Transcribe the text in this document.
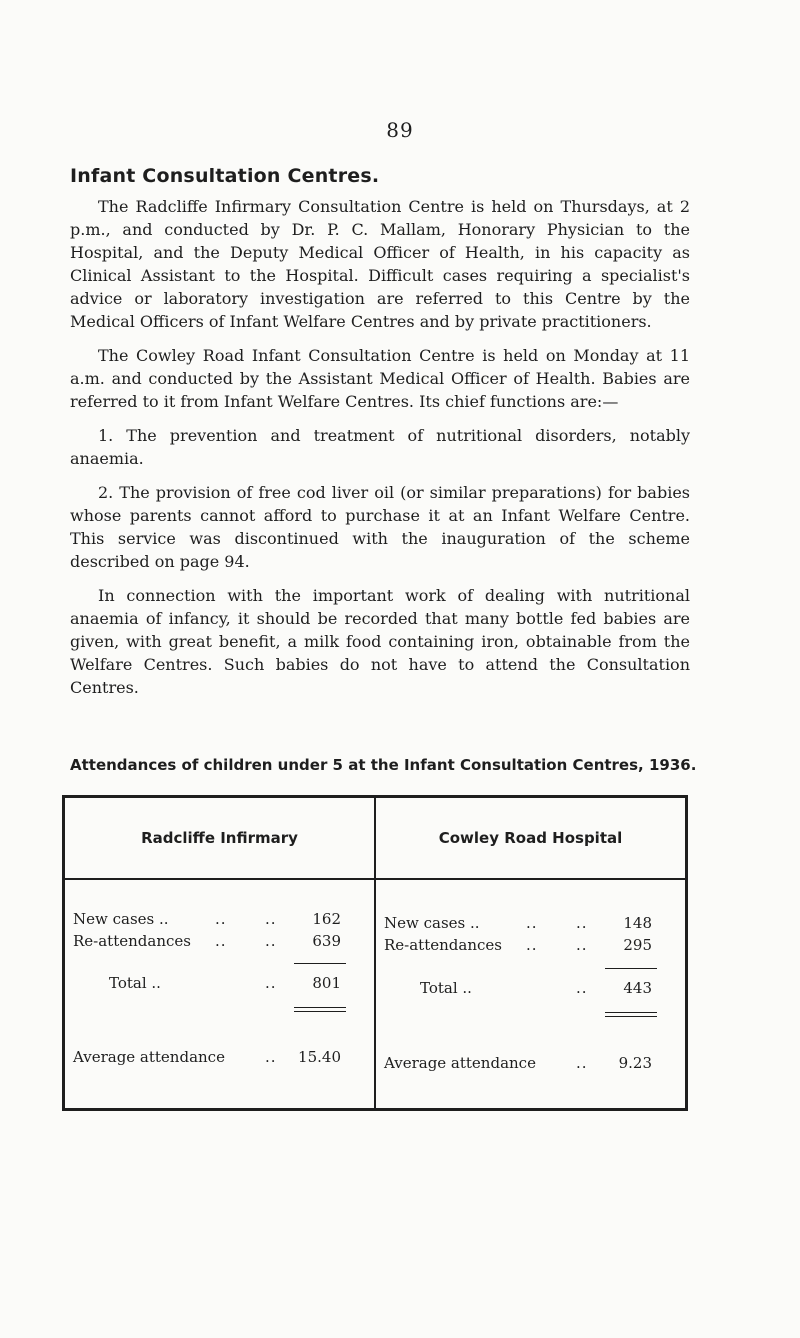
89
Infant Consultation Centres.

The Radcliffe Infirmary Consultation Centre is held on Thursdays, at 2 p.m., and conducted by Dr. P. C. Mallam, Honorary Physician to the Hospital, and the Deputy Medical Officer of Health, in his capacity as Clinical Assistant to the Hospital. Difficult cases requiring a specialist's advice or laboratory investigation are referred to this Centre by the Medical Officers of Infant Welfare Centres and by private practitioners.

The Cowley Road Infant Consultation Centre is held on Monday at 11 a.m. and conducted by the Assistant Medical Officer of Health. Babies are referred to it from Infant Welfare Centres. Its chief functions are:—

1. The prevention and treatment of nutritional disorders, notably anaemia.

2. The provision of free cod liver oil (or similar preparations) for babies whose parents cannot afford to purchase it at an Infant Welfare Centre. This service was discontinued with the inauguration of the scheme described on page 94.

In connection with the important work of dealing with nutritional anaemia of infancy, it should be recorded that many bottle fed babies are given, with great benefit, a milk food containing iron, obtainable from the Welfare Centres. Such babies do not have to attend the Consultation Centres.

Attendances of children under 5 at the Infant Consultation Centres, 1936.
Radcliffe Infirmary
New cases ..	..	.. 162
Re-attendances ..	.. 639
Total ..	.. 801
Average attendance	.. 15.40
Cowley Road Hospital
New cases ..	..	.. 148
Re-attendances ..	.. 295
Total ..	.. 443
Average attendance	.. 9.23
